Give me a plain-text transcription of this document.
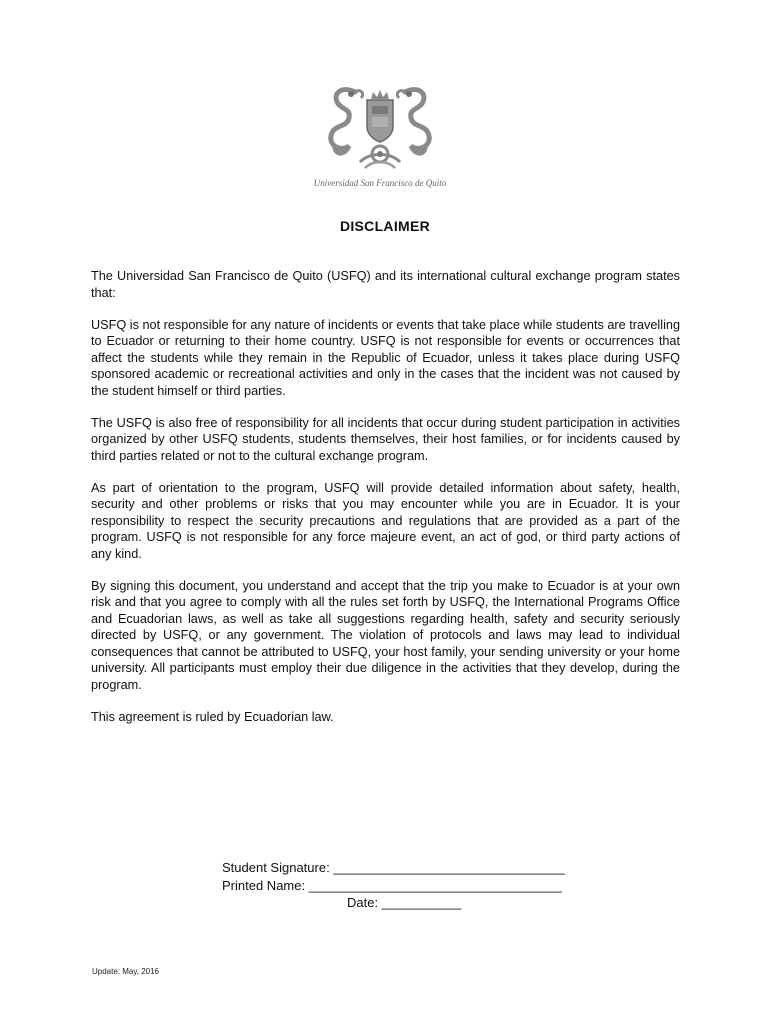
Universidad San Francisco de Quito
DISCLAIMER

The Universidad San Francisco de Quito (USFQ) and its international cultural exchange program states that:

USFQ is not responsible for any nature of incidents or events that take place while students are travelling to Ecuador or returning to their home country. USFQ is not responsible for events or occurrences that affect the students while they remain in the Republic of Ecuador, unless it takes place during USFQ sponsored academic or recreational activities and only in the cases that the incident was not caused by the student himself or third parties.

The USFQ is also free of responsibility for all incidents that occur during student participation in activities organized by other USFQ students, students themselves, their host families, or for incidents caused by third parties related or not to the cultural exchange program.

As part of orientation to the program, USFQ will provide detailed information about safety, health, security and other problems or risks that you may encounter while you are in Ecuador. It is your responsibility to respect the security precautions and regulations that are provided as a part of the program. USFQ is not responsible for any force majeure event, an act of god, or third party actions of any kind.

By signing this document, you understand and accept that the trip you make to Ecuador is at your own risk and that you agree to comply with all the rules set forth by USFQ, the International Programs Office and Ecuadorian laws, as well as take all suggestions regarding health, safety and security seriously directed by USFQ, or any government. The violation of protocols and laws may lead to individual consequences that cannot be attributed to USFQ, your host family, your sending university or your home university. All participants must employ their due diligence in the activities that they develop, during the program.

This agreement is ruled by Ecuadorian law.

Student Signature: ________________________________
Printed Name: ___________________________________
Date: ___________
Update: May, 2016
